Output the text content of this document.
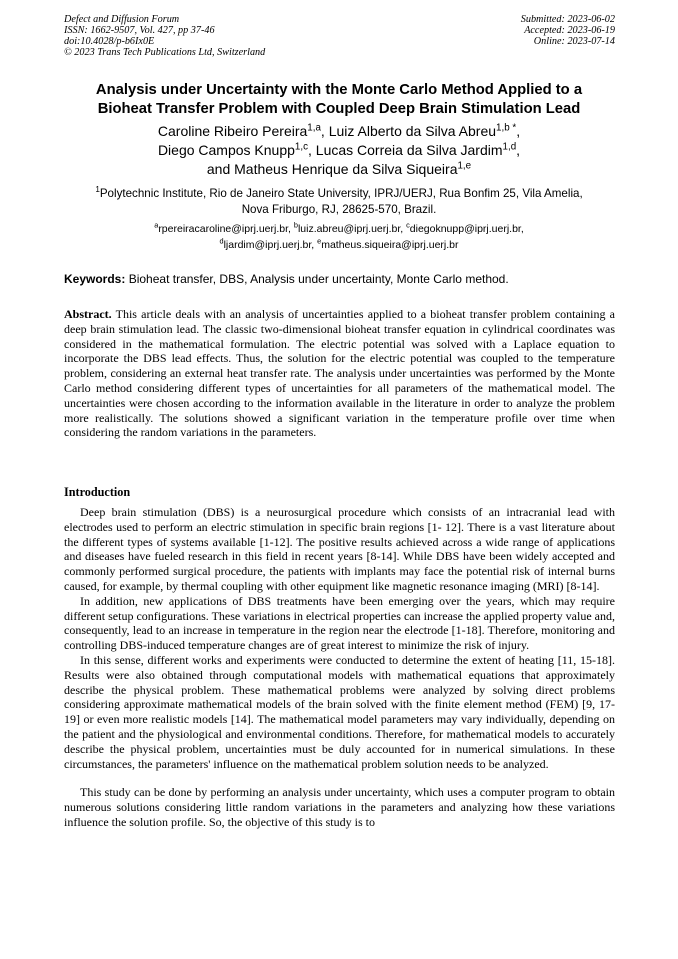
Defect and Diffusion Forum
ISSN: 1662-9507, Vol. 427, pp 37-46
doi:10.4028/p-b6Ix0E
© 2023 Trans Tech Publications Ltd, Switzerland
Submitted: 2023-06-02
Accepted: 2023-06-19
Online: 2023-07-14
Analysis under Uncertainty with the Monte Carlo Method Applied to a
Bioheat Transfer Problem with Coupled Deep Brain Stimulation Lead
Caroline Ribeiro Pereira$^{1,a}$, Luiz Alberto da Silva Abreu$^{1,b *}$,
Diego Campos Knupp$^{1,c}$, Lucas Correia da Silva Jardim$^{1,d}$,
and Matheus Henrique da Silva Siqueira$^{1,e}$
$^1$Polytechnic Institute, Rio de Janeiro State University, IPRJ/UERJ, Rua Bonfim 25, Vila Amelia,
Nova Friburgo, RJ, 28625-570, Brazil.
$^a$rpereiracaroline@iprj.uerj.br, $^b$luiz.abreu@iprj.uerj.br, $^c$diegoknupp@iprj.uerj.br,
$^d$ljardim@iprj.uerj.br, $^e$matheus.siqueira@iprj.uerj.br
Keywords: Bioheat transfer, DBS, Analysis under uncertainty, Monte Carlo method.
Abstract. This article deals with an analysis of uncertainties applied to a bioheat transfer problem containing a deep brain stimulation lead. The classic two-dimensional bioheat transfer equation in cylindrical coordinates was considered in the mathematical formulation. The electric potential was solved with a Laplace equation to incorporate the DBS lead effects. Thus, the solution for the electric potential was coupled to the temperature problem, considering an external heat transfer rate. The analysis under uncertainties was performed by the Monte Carlo method considering different types of uncertainties for all parameters of the mathematical model. The uncertainties were chosen according to the information available in the literature in order to analyze the problem more realistically. The solutions showed a significant variation in the temperature profile over time when considering the random variations in the parameters.
Introduction

Deep brain stimulation (DBS) is a neurosurgical procedure which consists of an intracranial lead with electrodes used to perform an electric stimulation in specific brain regions [1- 12]. There is a vast literature about the different types of systems available [1-12]. The positive results achieved across a wide range of applications and diseases have fueled research in this field in recent years [8-14]. While DBS have been widely accepted and commonly performed surgical procedure, the patients with implants may face the potential risk of internal burns caused, for example, by thermal coupling with other equipment like magnetic resonance imaging (MRI) [8-14].

In addition, new applications of DBS treatments have been emerging over the years, which may require different setup configurations. These variations in electrical properties can increase the applied property value and, consequently, lead to an increase in temperature in the region near the electrode [1-18]. Therefore, monitoring and controlling DBS-induced temperature changes are of great interest to minimize the risk of injury.

In this sense, different works and experiments were conducted to determine the extent of heating [11, 15-18]. Results were also obtained through computational models with mathematical equations that approximately describe the physical problem. These mathematical problems were analyzed by solving direct problems considering approximate mathematical models of the brain solved with the finite element method (FEM) [9, 17-19] or even more realistic models [14]. The mathematical model parameters may vary individually, depending on the patient and the physiological and environmental conditions. Therefore, for mathematical models to accurately describe the physical problem, uncertainties must be duly accounted for in numerical simulations. In these circumstances, the parameters' influence on the mathematical problem solution needs to be analyzed.

This study can be done by performing an analysis under uncertainty, which uses a computer program to obtain numerous solutions considering little random variations in the parameters and analyzing how these variations influence the solution profile. So, the objective of this study is to
